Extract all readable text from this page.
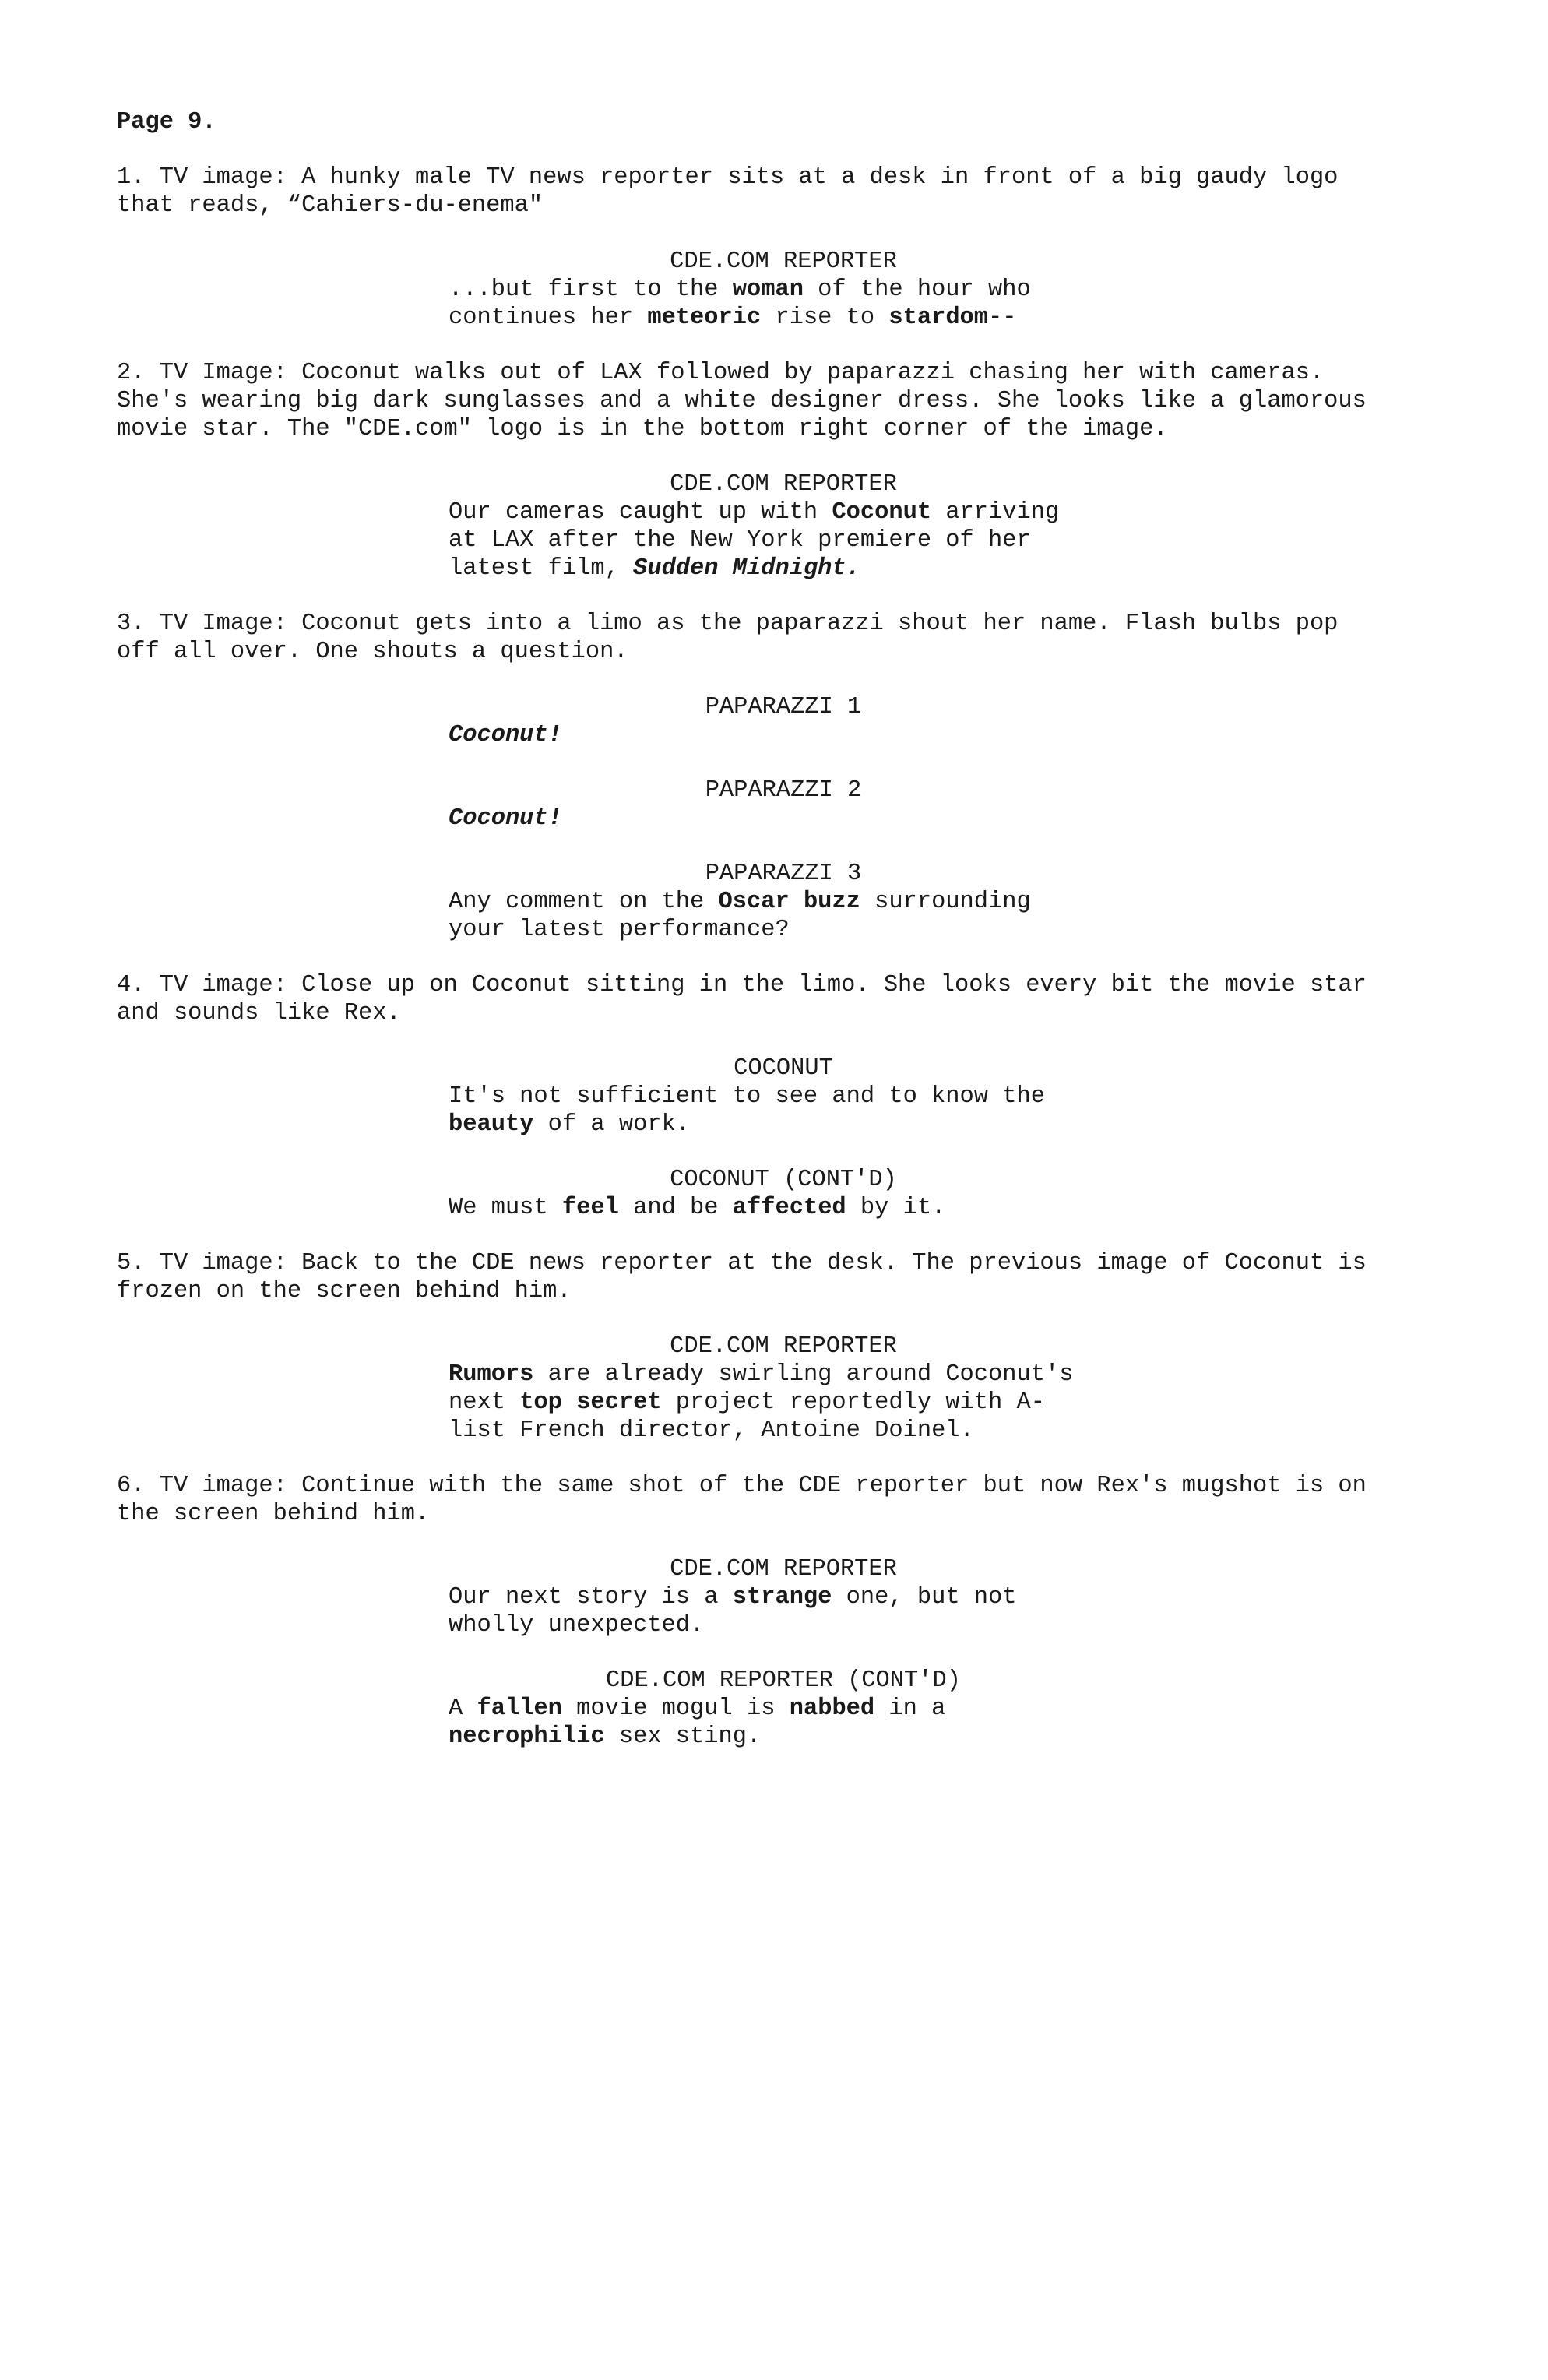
Page 9.
1. TV image: A hunky male TV news reporter sits at a desk in front of a big gaudy logo
that reads, “Cahiers-du-enema"
CDE.COM REPORTER
...but first to the woman of the hour who
continues her meteoric rise to stardom--
2. TV Image: Coconut walks out of LAX followed by paparazzi chasing her with cameras.
She's wearing big dark sunglasses and a white designer dress. She looks like a glamorous
movie star. The "CDE.com" logo is in the bottom right corner of the image.
CDE.COM REPORTER
Our cameras caught up with Coconut arriving
at LAX after the New York premiere of her
latest film, Sudden Midnight.
3. TV Image: Coconut gets into a limo as the paparazzi shout her name. Flash bulbs pop
off all over. One shouts a question.
PAPARAZZI 1
Coconut!
PAPARAZZI 2
Coconut!
PAPARAZZI 3
Any comment on the Oscar buzz surrounding
your latest performance?
4. TV image: Close up on Coconut sitting in the limo. She looks every bit the movie star
and sounds like Rex.
COCONUT
It's not sufficient to see and to know the
beauty of a work.
COCONUT (CONT'D)
We must feel and be affected by it.
5. TV image: Back to the CDE news reporter at the desk. The previous image of Coconut is
frozen on the screen behind him.
CDE.COM REPORTER
Rumors are already swirling around Coconut's
next top secret project reportedly with A-
list French director, Antoine Doinel.
6. TV image: Continue with the same shot of the CDE reporter but now Rex's mugshot is on
the screen behind him.
CDE.COM REPORTER
Our next story is a strange one, but not
wholly unexpected.
CDE.COM REPORTER (CONT'D)
A fallen movie mogul is nabbed in a
necrophilic sex sting.
